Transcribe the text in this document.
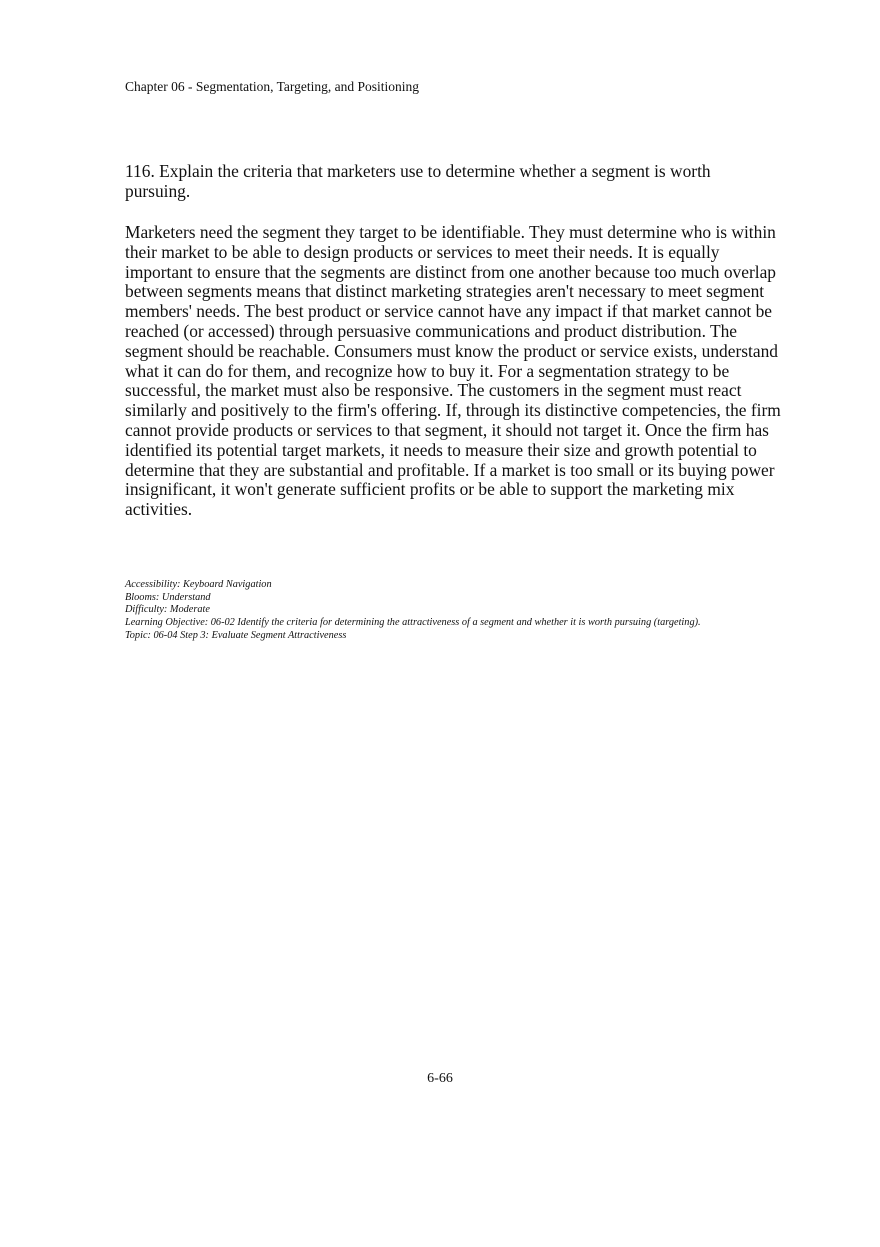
Chapter 06 - Segmentation, Targeting, and Positioning

116. Explain the criteria that marketers use to determine whether a segment is worth pursuing.

Marketers need the segment they target to be identifiable. They must determine who is within their market to be able to design products or services to meet their needs. It is equally important to ensure that the segments are distinct from one another because too much overlap between segments means that distinct marketing strategies aren't necessary to meet segment members' needs. The best product or service cannot have any impact if that market cannot be reached (or accessed) through persuasive communications and product distribution. The segment should be reachable. Consumers must know the product or service exists, understand what it can do for them, and recognize how to buy it. For a segmentation strategy to be successful, the market must also be responsive. The customers in the segment must react similarly and positively to the firm's offering. If, through its distinctive competencies, the firm cannot provide products or services to that segment, it should not target it. Once the firm has identified its potential target markets, it needs to measure their size and growth potential to determine that they are substantial and profitable. If a market is too small or its buying power insignificant, it won't generate sufficient profits or be able to support the marketing mix activities.

Accessibility: Keyboard Navigation
Blooms: Understand
Difficulty: Moderate
Learning Objective: 06-02 Identify the criteria for determining the attractiveness of a segment and whether it is worth pursuing (targeting).
Topic: 06-04 Step 3: Evaluate Segment Attractiveness
6-66
